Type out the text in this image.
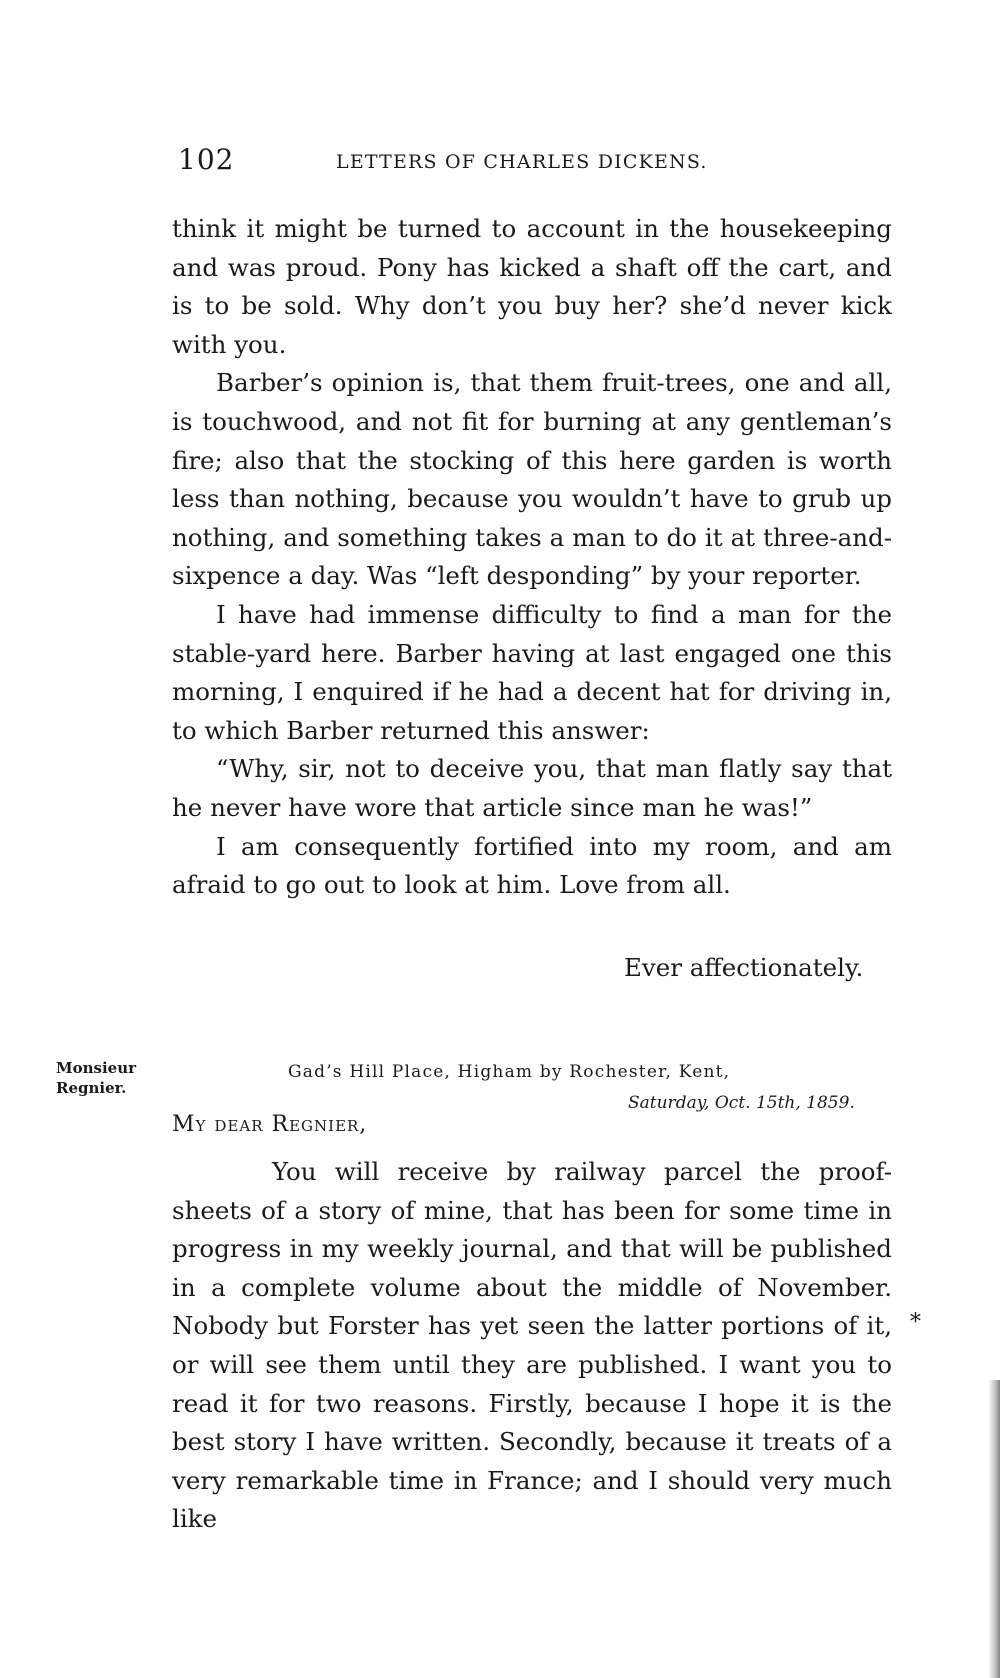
102	LETTERS OF CHARLES DICKENS.

think it might be turned to account in the housekeeping and was proud. Pony has kicked a shaft off the cart, and is to be sold. Why don’t you buy her? she’d never kick with you.

Barber’s opinion is, that them fruit-trees, one and all, is touchwood, and not fit for burning at any gentleman’s fire; also that the stocking of this here garden is worth less than nothing, because you wouldn’t have to grub up nothing, and something takes a man to do it at three-and-sixpence a day. Was “left desponding” by your reporter.

I have had immense difficulty to find a man for the stable-yard here. Barber having at last engaged one this morning, I enquired if he had a decent hat for driving in, to which Barber returned this answer:

“Why, sir, not to deceive you, that man flatly say that he never have wore that article since man he was!”

I am consequently fortified into my room, and am afraid to go out to look at him. Love from all.

Ever affectionately.
Monsieur
Regnier.
Gad’s Hill Place, Higham by Rochester, Kent,
Saturday, Oct. 15th, 1859.
My dear Regnier,

You will receive by railway parcel the proof-sheets of a story of mine, that has been for some time in progress in my weekly journal, and that will be published in a complete volume about the middle of November. Nobody but Forster has yet seen the latter portions of it, or will see them until they are published. I want you to read it for two reasons. Firstly, because I hope it is the best story I have written. Secondly, because it treats of a very remarkable time in France; and I should very much like

*
